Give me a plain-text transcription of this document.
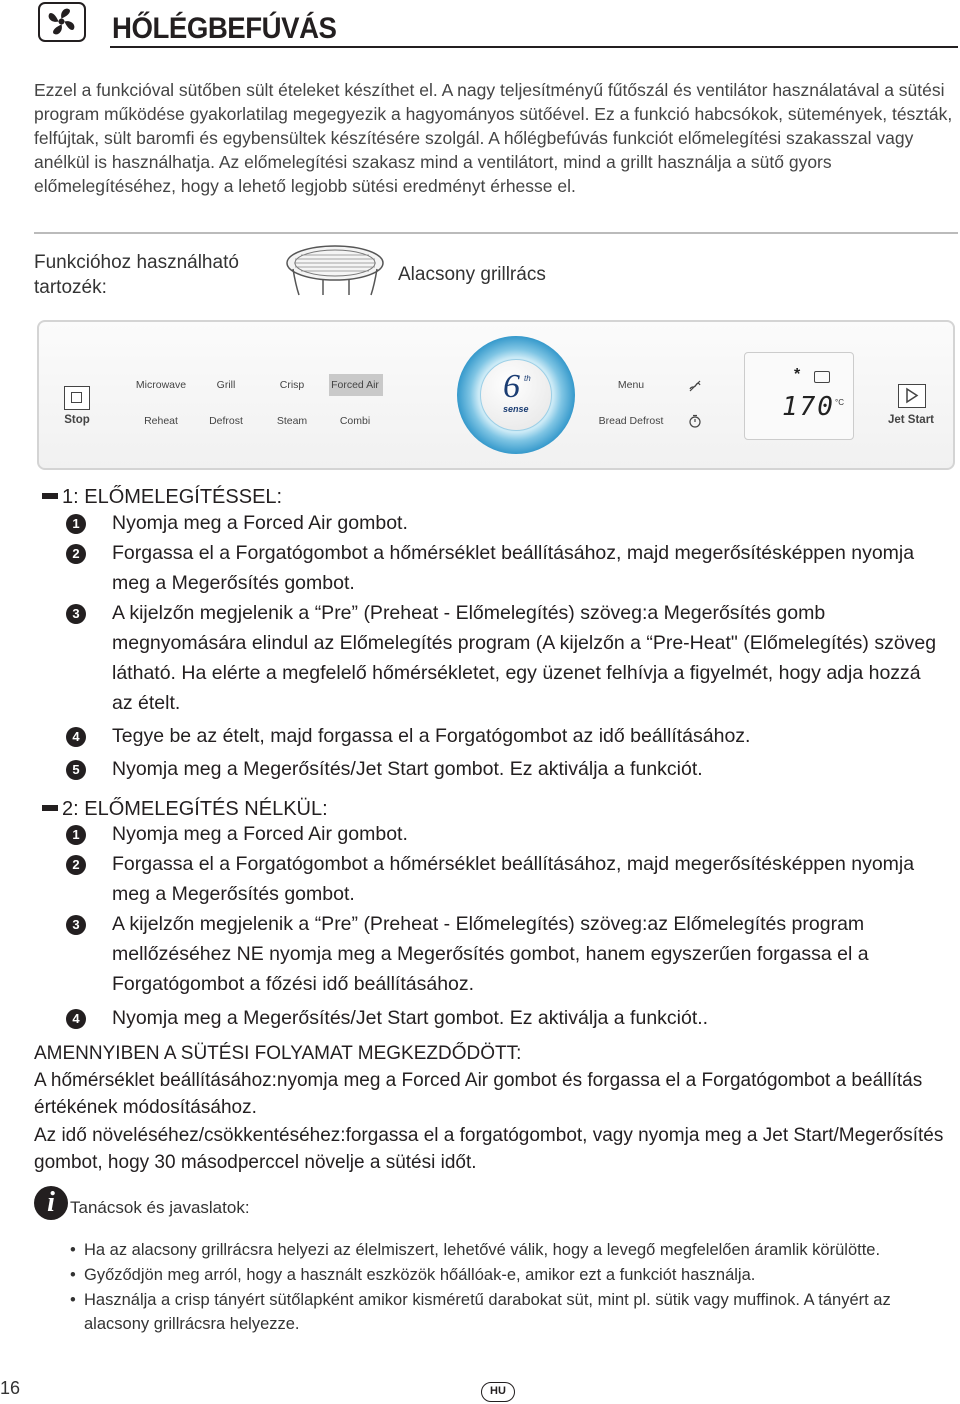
HŐLÉGBEFÚVÁS
Ezzel a funkcióval sütőben sült ételeket készíthet el. A nagy teljesítményű fűtőszál és ventilátor használatával a sütési program működése gyakorlatilag megegyezik a hagyományos sütőével. Ez a funkció habcsókok, sütemények, tészták, felfújtak, sült baromfi és egybensültek készítésére szolgál. A hőlégbefúvás funkciót előmelegítési szakasszal vagy anélkül is használhatja. Az előmelegítési szakasz mind a ventilátort, mind a grillt használja a sütő gyors előmelegítéséhez, hogy a lehető legjobb sütési eredményt érhesse el.
Funkcióhoz használható
tartozék:
Alacsony grillrács
Stop
Microwave	Grill	Crisp	Forced Air
Reheat	Defrost	Steam	Combi
6 th
sense
Menu
Bread Defrost
*
170 °C
Jet Start
1: ELŐMELEGÍTÉSSEL:
1	Nyomja meg a Forced Air gombot.
2	Forgassa el a Forgatógombot a hőmérséklet beállításához, majd megerősítésképpen nyomja meg a Megerősítés gombot.
3	A kijelzőn megjelenik a “Pre” (Preheat - Előmelegítés) szöveg:a Megerősítés gomb megnyomására elindul az Előmelegítés program (A kijelzőn a “Pre-Heat" (Előmelegítés) szöveg látható. Ha elérte a megfelelő hőmérsékletet, egy üzenet felhívja a figyelmét, hogy adja hozzá az ételt.
4	Tegye be az ételt, majd forgassa el a Forgatógombot az idő beállításához.
5	Nyomja meg a Megerősítés/Jet Start gombot. Ez aktiválja a funkciót.
2: ELŐMELEGÍTÉS NÉLKÜL:
1	Nyomja meg a Forced Air gombot.
2	Forgassa el a Forgatógombot a hőmérséklet beállításához, majd megerősítésképpen nyomja meg a Megerősítés gombot.
3	A kijelzőn megjelenik a “Pre” (Preheat - Előmelegítés) szöveg:az Előmelegítés program mellőzéséhez NE nyomja meg a Megerősítés gombot, hanem egyszerűen forgassa el a Forgatógombot a főzési idő beállításához.
4	Nyomja meg a Megerősítés/Jet Start gombot. Ez aktiválja a funkciót..
AMENNYIBEN A SÜTÉSI FOLYAMAT MEGKEZDŐDÖTT:
A hőmérséklet beállításához:nyomja meg a Forced Air gombot és forgassa el a Forgatógombot a beállítás értékének módosításához.
Az idő növeléséhez/csökkentéséhez:forgassa el a forgatógombot, vagy nyomja meg a Jet Start/Megerősítés gombot, hogy 30 másodperccel növelje a sütési időt.
i Tanácsok és javaslatok:
• Ha az alacsony grillrácsra helyezi az élelmiszert, lehetővé válik, hogy a levegő megfelelően áramlik körülötte.
• Győződjön meg arról, hogy a használt eszközök hőállóak-e, amikor ezt a funkciót használja.
• Használja a crisp tányért sütőlapként amikor kisméretű darabokat süt, mint pl. sütik vagy muffinok. A tányért az alacsony grillrácsra helyezze.
16	HU
